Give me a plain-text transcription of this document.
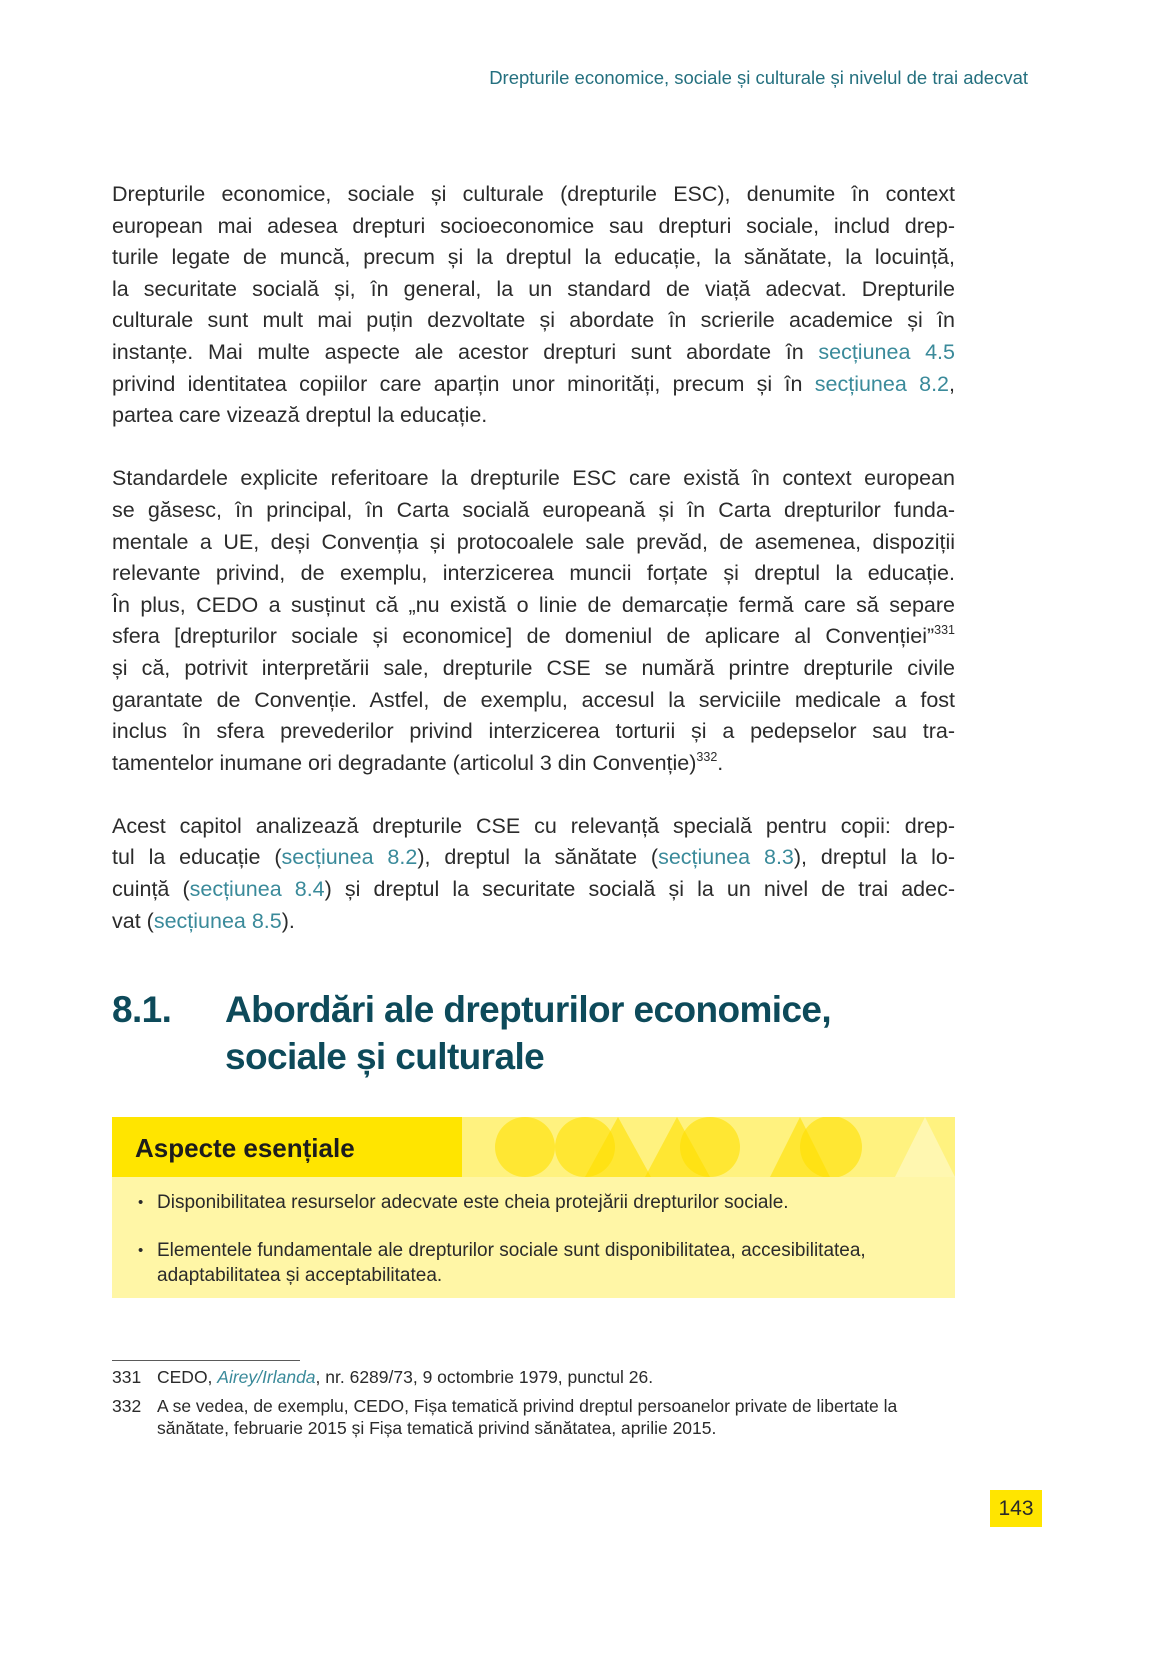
Drepturile economice, sociale și culturale și nivelul de trai adecvat
Drepturile economice, sociale și culturale (drepturile ESC), denumite în context
european mai adesea drepturi socioeconomice sau drepturi sociale, includ drep-
turile legate de muncă, precum și la dreptul la educație, la sănătate, la locuință,
la securitate socială și, în general, la un standard de viață adecvat. Drepturile
culturale sunt mult mai puțin dezvoltate și abordate în scrierile academice și în
instanțe. Mai multe aspecte ale acestor drepturi sunt abordate în secțiunea 4.5
privind identitatea copiilor care aparțin unor minorități, precum și în secțiunea 8.2,
partea care vizează dreptul la educație.
Standardele explicite referitoare la drepturile ESC care există în context european
se găsesc, în principal, în Carta socială europeană și în Carta drepturilor funda-
mentale a UE, deși Convenția și protocoalele sale prevăd, de asemenea, dispoziții
relevante privind, de exemplu, interzicerea muncii forțate și dreptul la educație.
În plus, CEDO a susținut că „nu există o linie de demarcație fermă care să separe
sfera [drepturilor sociale și economice] de domeniul de aplicare al Convenției”$^{331}$
și că, potrivit interpretării sale, drepturile CSE se numără printre drepturile civile
garantate de Convenție. Astfel, de exemplu, accesul la serviciile medicale a fost
inclus în sfera prevederilor privind interzicerea torturii și a pedepselor sau tra-
tamentelor inumane ori degradante (articolul 3 din Convenție)$^{332}$.
Acest capitol analizează drepturile CSE cu relevanță specială pentru copii: drep-
tul la educație (secțiunea 8.2), dreptul la sănătate (secțiunea 8.3), dreptul la lo-
cuință (secțiunea 8.4) și dreptul la securitate socială și la un nivel de trai adec-
vat (secțiunea 8.5).
8.1. Abordări ale drepturilor economice,
sociale și culturale
Aspecte esențiale
• Disponibilitatea resurselor adecvate este cheia protejării drepturilor sociale.
• Elementele fundamentale ale drepturilor sociale sunt disponibilitatea, accesibilitatea, adaptabilitatea și acceptabilitatea.
331 CEDO, Airey/Irlanda, nr. 6289/73, 9 octombrie 1979, punctul 26.
332 A se vedea, de exemplu, CEDO, Fișa tematică privind dreptul persoanelor private de libertate la sănătate, februarie 2015 și Fișa tematică privind sănătatea, aprilie 2015.
143
